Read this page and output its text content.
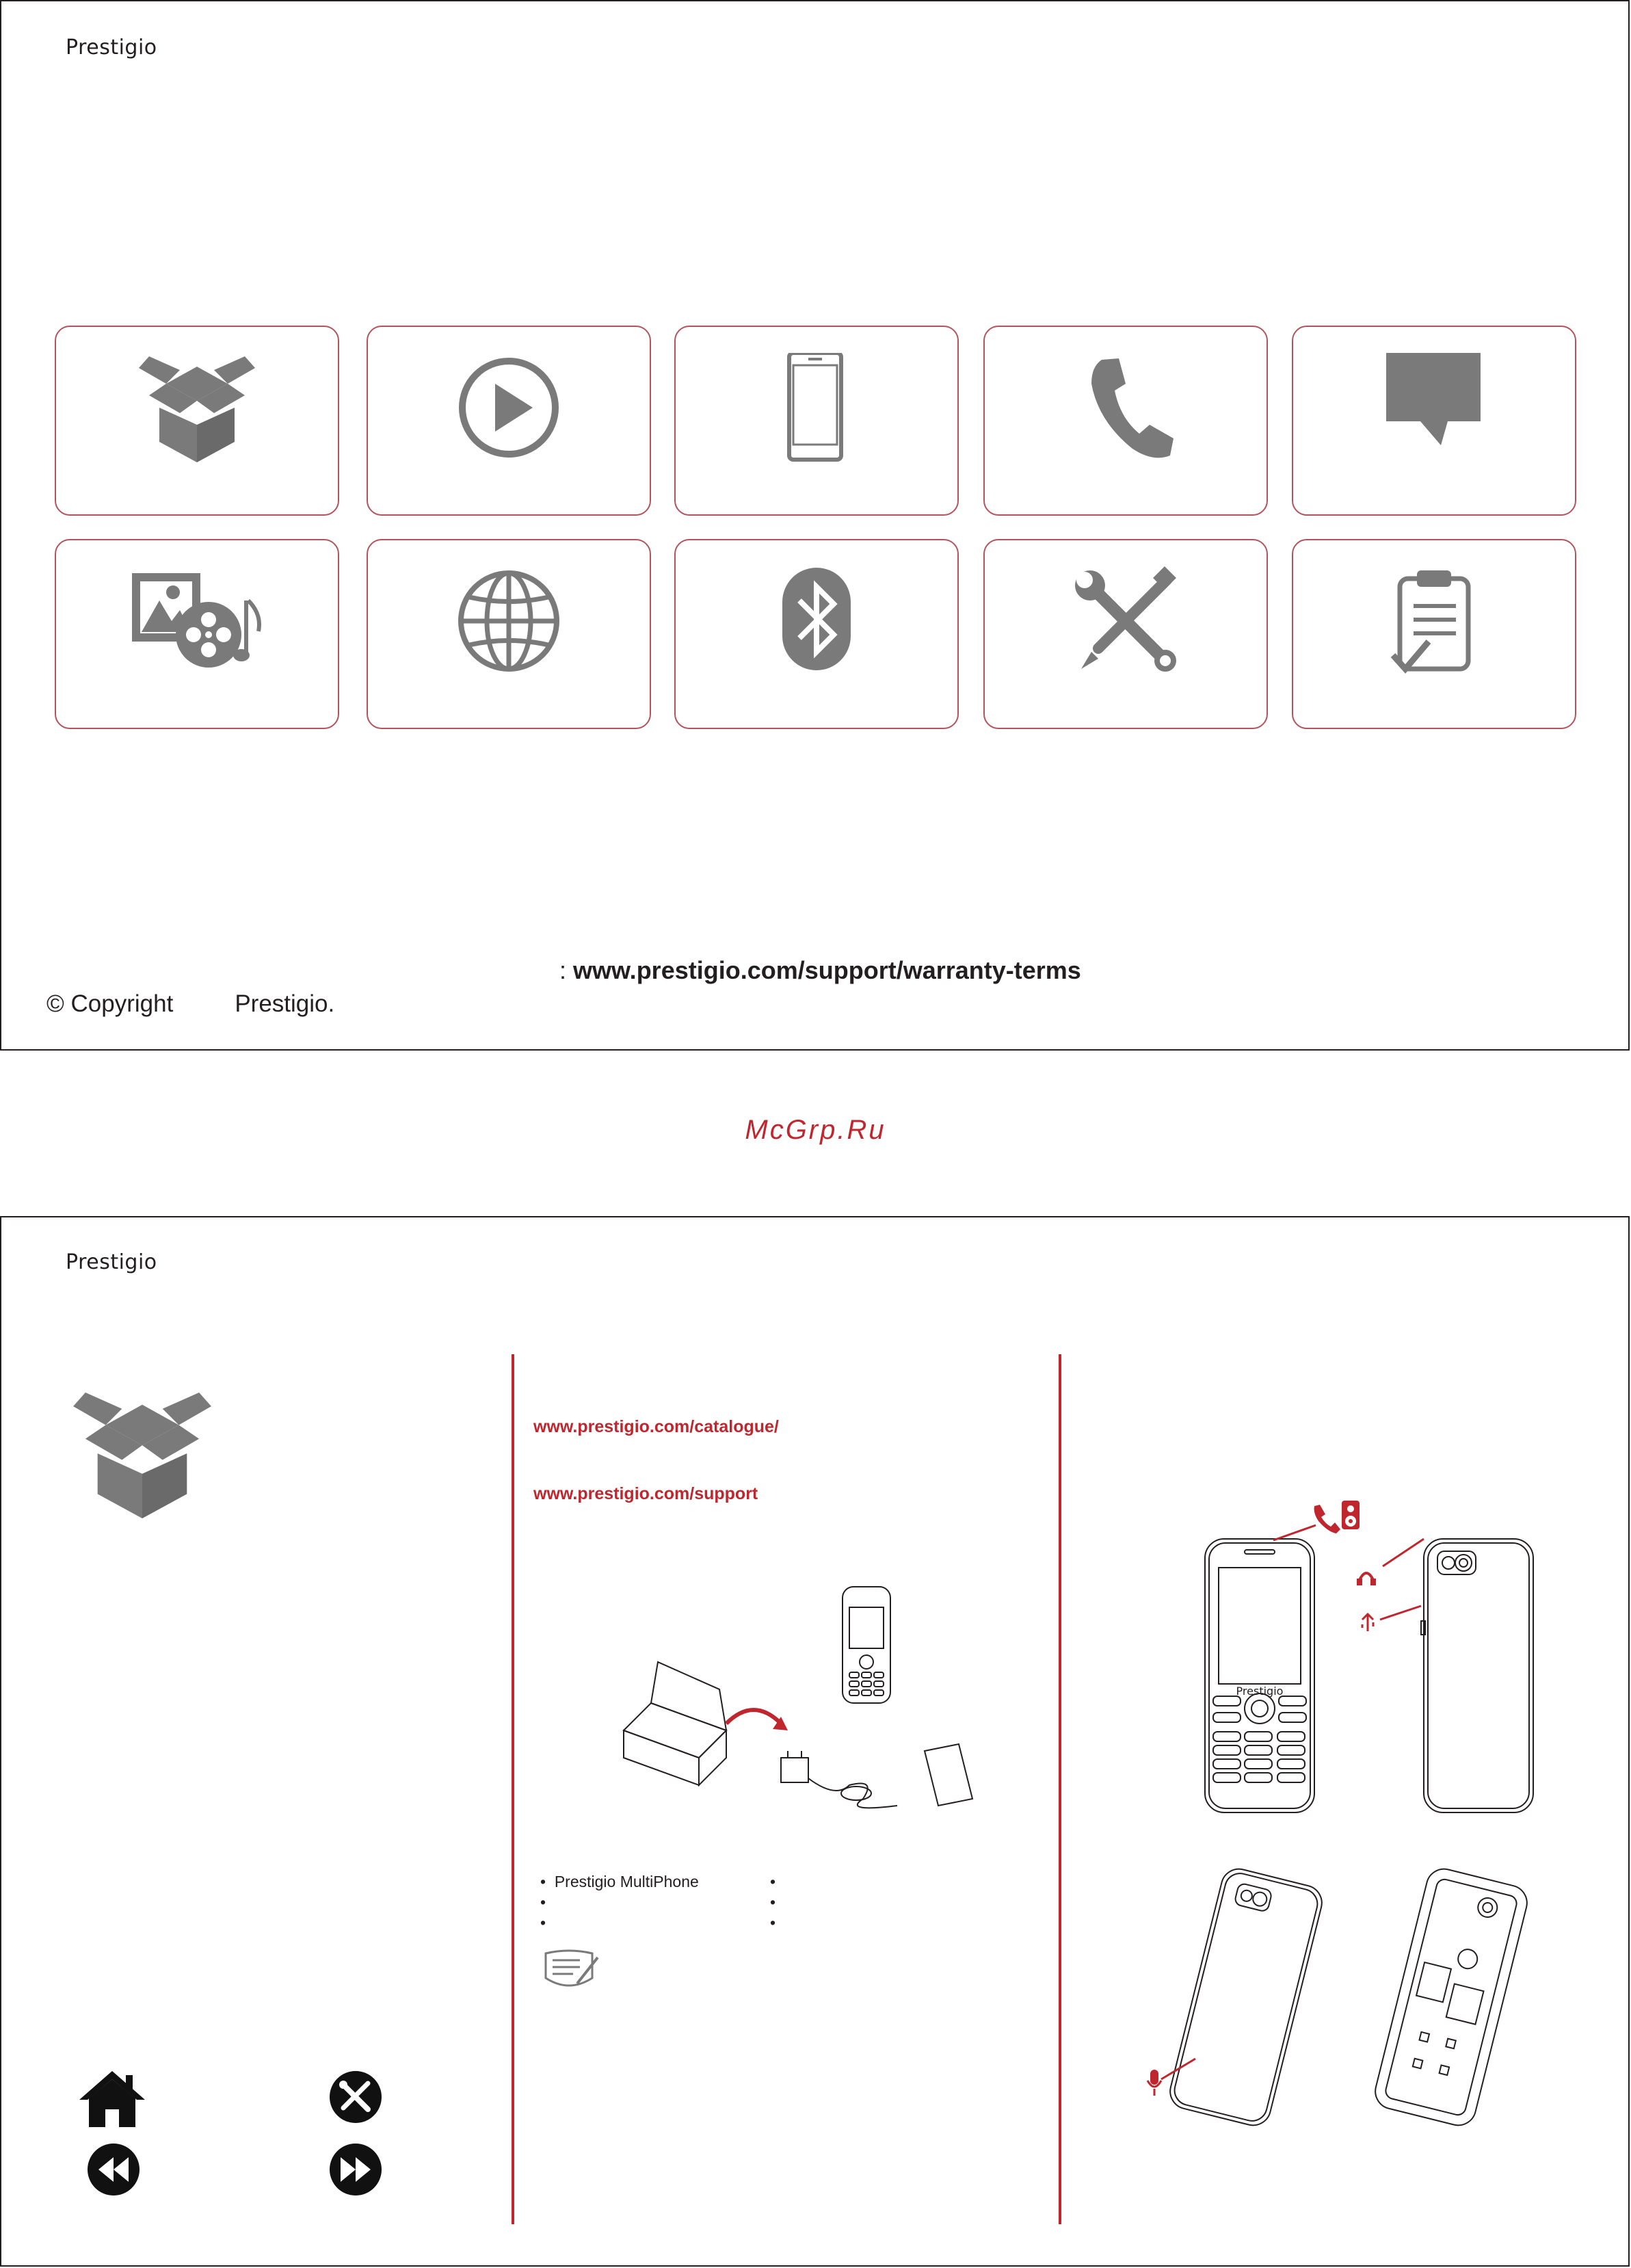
Prestigio
: www.prestigio.com/support/warranty-terms
© Copyright	Prestigio.
McGrp.Ru
Prestigio
www.prestigio.com/catalogue/
www.prestigio.com/support
•  Prestigio MultiPhone
•
•
•
•
•
Prestigio
